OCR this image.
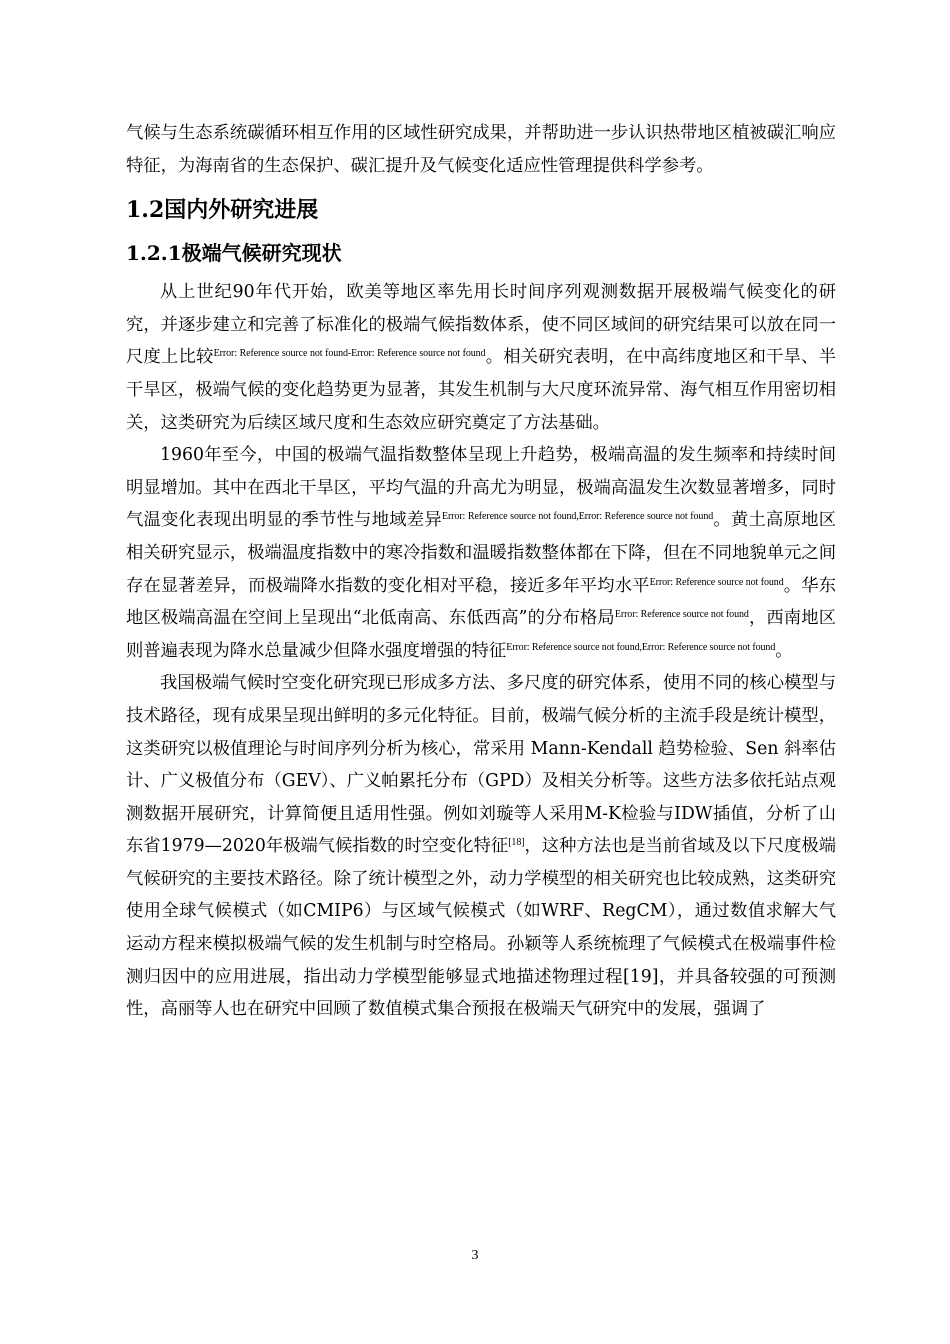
气候与生态系统碳循环相互作用的区域性研究成果，并帮助进一步认识热带地区植被碳汇响应特征，为海南省的生态保护、碳汇提升及气候变化适应性管理提供科学参考。

1.2国内外研究进展
1.2.1极端气候研究现状

从上世纪90年代开始，欧美等地区率先用长时间序列观测数据开展极端气候变化的研究，并逐步建立和完善了标准化的极端气候指数体系，使不同区域间的研究结果可以放在同一尺度上比较$^{Error: Reference source not found-Error: Reference source not found}$。相关研究表明，在中高纬度地区和干旱、半干旱区，极端气候的变化趋势更为显著，其发生机制与大尺度环流异常、海气相互作用密切相关，这类研究为后续区域尺度和生态效应研究奠定了方法基础。

1960年至今，中国的极端气温指数整体呈现上升趋势，极端高温的发生频率和持续时间明显增加。其中在西北干旱区，平均气温的升高尤为明显，极端高温发生次数显著增多，同时气温变化表现出明显的季节性与地域差异$^{Error: Reference source not found,Error: Reference source not found}$。黄土高原地区相关研究显示，极端温度指数中的寒冷指数和温暖指数整体都在下降，但在不同地貌单元之间存在显著差异，而极端降水指数的变化相对平稳，接近多年平均水平$^{Error: Reference source not found}$。华东地区极端高温在空间上呈现出“北低南高、东低西高”的分布格局$^{Error: Reference source not found}$，西南地区则普遍表现为降水总量减少但降水强度增强的特征$^{Error: Reference source not found,Error: Reference source not found}$。

我国极端气候时空变化研究现已形成多方法、多尺度的研究体系，使用不同的核心模型与技术路径，现有成果呈现出鲜明的多元化特征。目前，极端气候分析的主流手段是统计模型，这类研究以极值理论与时间序列分析为核心，常采用 Mann-Kendall 趋势检验、Sen 斜率估计、广义极值分布（GEV）、广义帕累托分布（GPD）及相关分析等。这些方法多依托站点观测数据开展研究，计算简便且适用性强。例如刘璇等人采用M-K检验与IDW插值，分析了山东省1979—2020年极端气候指数的时空变化特征[18]，这种方法也是当前省域及以下尺度极端气候研究的主要技术路径。除了统计模型之外，动力学模型的相关研究也比较成熟，这类研究使用全球气候模式（如CMIP6）与区域气候模式（如WRF、RegCM），通过数值求解大气运动方程来模拟极端气候的发生机制与时空格局。孙颖等人系统梳理了气候模式在极端事件检测归因中的应用进展，指出动力学模型能够显式地描述物理过程[19]，并具备较强的可预测性，高丽等人也在研究中回顾了数值模式集合预报在极端天气研究中的发展，强调了

3
